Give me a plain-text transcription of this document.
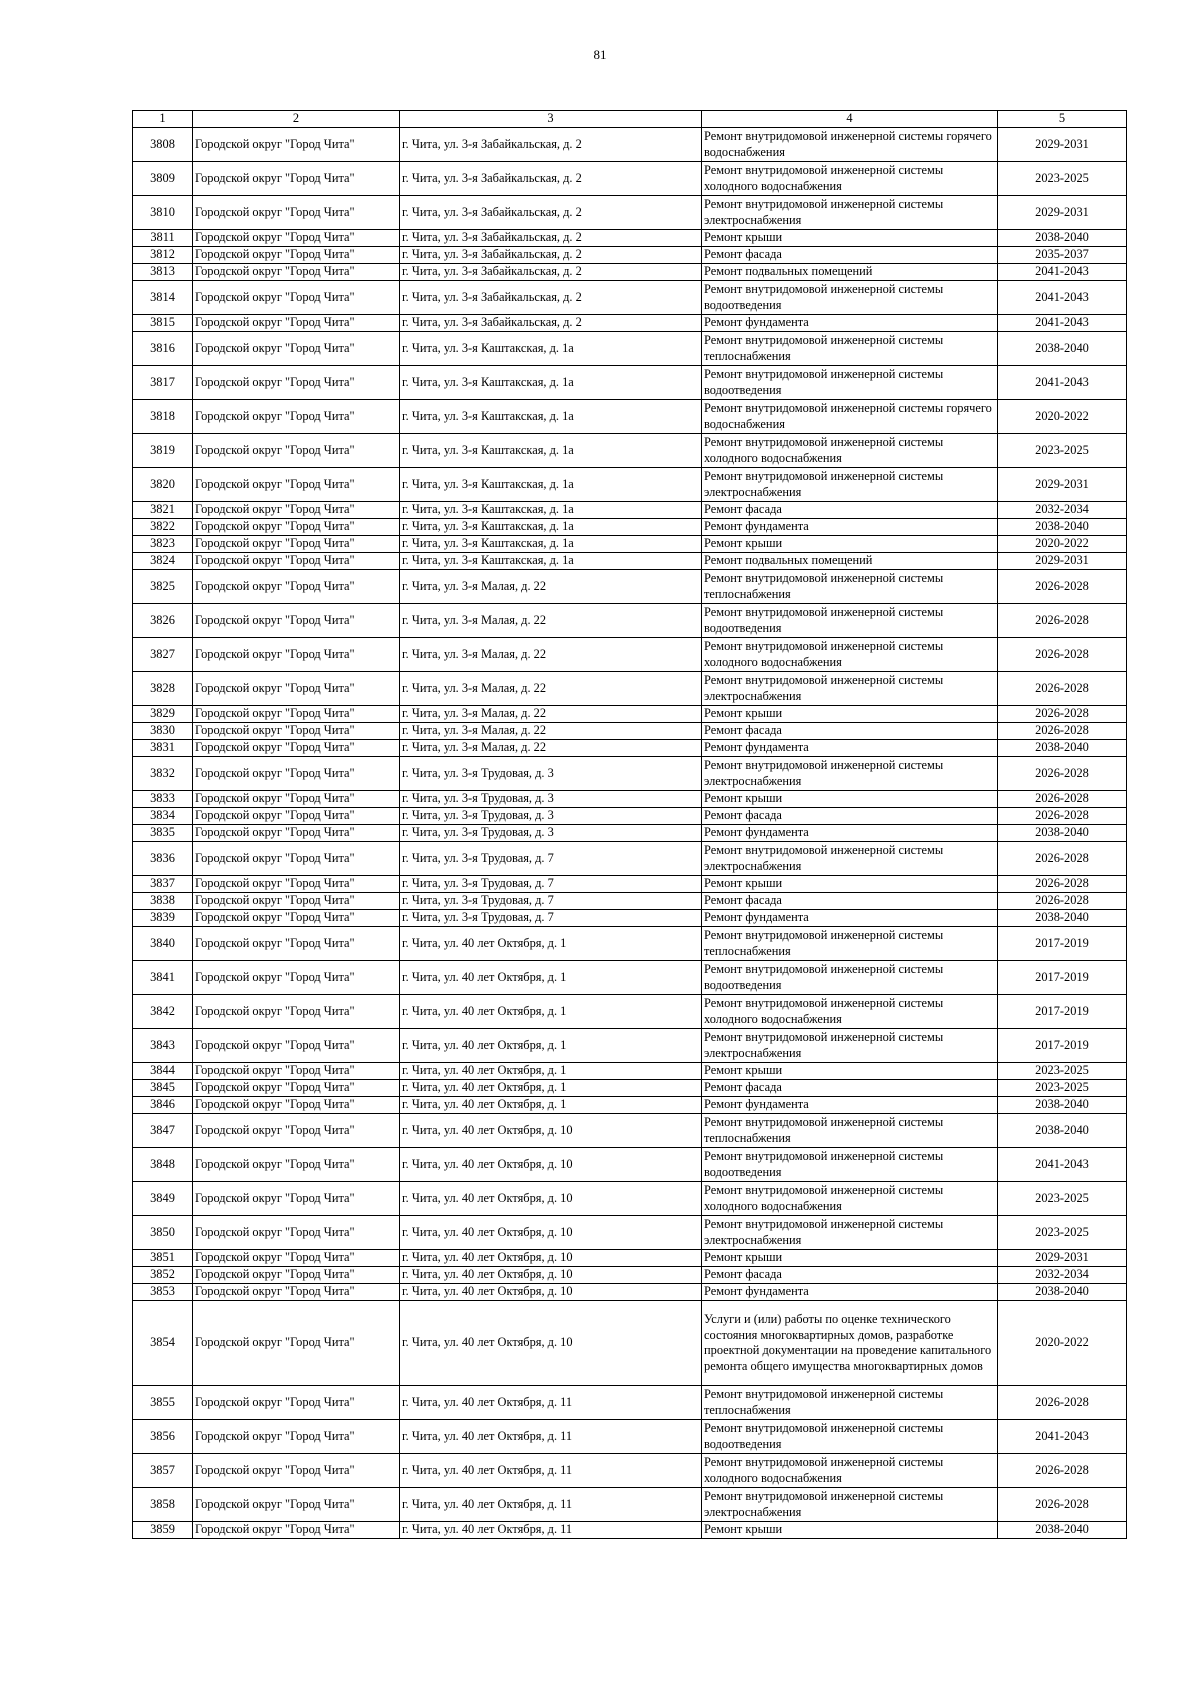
81
1	2	3	4	5
3808	Городской округ "Город Чита"	г. Чита, ул. 3-я Забайкальская, д. 2	Ремонт внутридомовой инженерной системы горячего водоснабжения	2029-2031
3809	Городской округ "Город Чита"	г. Чита, ул. 3-я Забайкальская, д. 2	Ремонт внутридомовой инженерной системы холодного водоснабжения	2023-2025
3810	Городской округ "Город Чита"	г. Чита, ул. 3-я Забайкальская, д. 2	Ремонт внутридомовой инженерной системы электроснабжения	2029-2031
3811	Городской округ "Город Чита"	г. Чита, ул. 3-я Забайкальская, д. 2	Ремонт крыши	2038-2040
3812	Городской округ "Город Чита"	г. Чита, ул. 3-я Забайкальская, д. 2	Ремонт фасада	2035-2037
3813	Городской округ "Город Чита"	г. Чита, ул. 3-я Забайкальская, д. 2	Ремонт подвальных помещений	2041-2043
3814	Городской округ "Город Чита"	г. Чита, ул. 3-я Забайкальская, д. 2	Ремонт внутридомовой инженерной системы водоотведения	2041-2043
3815	Городской округ "Город Чита"	г. Чита, ул. 3-я Забайкальская, д. 2	Ремонт фундамента	2041-2043
3816	Городской округ "Город Чита"	г. Чита, ул. 3-я Каштакская, д. 1а	Ремонт внутридомовой инженерной системы теплоснабжения	2038-2040
3817	Городской округ "Город Чита"	г. Чита, ул. 3-я Каштакская, д. 1а	Ремонт внутридомовой инженерной системы водоотведения	2041-2043
3818	Городской округ "Город Чита"	г. Чита, ул. 3-я Каштакская, д. 1а	Ремонт внутридомовой инженерной системы горячего водоснабжения	2020-2022
3819	Городской округ "Город Чита"	г. Чита, ул. 3-я Каштакская, д. 1а	Ремонт внутридомовой инженерной системы холодного водоснабжения	2023-2025
3820	Городской округ "Город Чита"	г. Чита, ул. 3-я Каштакская, д. 1а	Ремонт внутридомовой инженерной системы электроснабжения	2029-2031
3821	Городской округ "Город Чита"	г. Чита, ул. 3-я Каштакская, д. 1а	Ремонт фасада	2032-2034
3822	Городской округ "Город Чита"	г. Чита, ул. 3-я Каштакская, д. 1а	Ремонт фундамента	2038-2040
3823	Городской округ "Город Чита"	г. Чита, ул. 3-я Каштакская, д. 1а	Ремонт крыши	2020-2022
3824	Городской округ "Город Чита"	г. Чита, ул. 3-я Каштакская, д. 1а	Ремонт подвальных помещений	2029-2031
3825	Городской округ "Город Чита"	г. Чита, ул. 3-я Малая, д. 22	Ремонт внутридомовой инженерной системы теплоснабжения	2026-2028
3826	Городской округ "Город Чита"	г. Чита, ул. 3-я Малая, д. 22	Ремонт внутридомовой инженерной системы водоотведения	2026-2028
3827	Городской округ "Город Чита"	г. Чита, ул. 3-я Малая, д. 22	Ремонт внутридомовой инженерной системы холодного водоснабжения	2026-2028
3828	Городской округ "Город Чита"	г. Чита, ул. 3-я Малая, д. 22	Ремонт внутридомовой инженерной системы электроснабжения	2026-2028
3829	Городской округ "Город Чита"	г. Чита, ул. 3-я Малая, д. 22	Ремонт крыши	2026-2028
3830	Городской округ "Город Чита"	г. Чита, ул. 3-я Малая, д. 22	Ремонт фасада	2026-2028
3831	Городской округ "Город Чита"	г. Чита, ул. 3-я Малая, д. 22	Ремонт фундамента	2038-2040
3832	Городской округ "Город Чита"	г. Чита, ул. 3-я Трудовая, д. 3	Ремонт внутридомовой инженерной системы электроснабжения	2026-2028
3833	Городской округ "Город Чита"	г. Чита, ул. 3-я Трудовая, д. 3	Ремонт крыши	2026-2028
3834	Городской округ "Город Чита"	г. Чита, ул. 3-я Трудовая, д. 3	Ремонт фасада	2026-2028
3835	Городской округ "Город Чита"	г. Чита, ул. 3-я Трудовая, д. 3	Ремонт фундамента	2038-2040
3836	Городской округ "Город Чита"	г. Чита, ул. 3-я Трудовая, д. 7	Ремонт внутридомовой инженерной системы электроснабжения	2026-2028
3837	Городской округ "Город Чита"	г. Чита, ул. 3-я Трудовая, д. 7	Ремонт крыши	2026-2028
3838	Городской округ "Город Чита"	г. Чита, ул. 3-я Трудовая, д. 7	Ремонт фасада	2026-2028
3839	Городской округ "Город Чита"	г. Чита, ул. 3-я Трудовая, д. 7	Ремонт фундамента	2038-2040
3840	Городской округ "Город Чита"	г. Чита, ул. 40 лет Октября, д. 1	Ремонт внутридомовой инженерной системы теплоснабжения	2017-2019
3841	Городской округ "Город Чита"	г. Чита, ул. 40 лет Октября, д. 1	Ремонт внутридомовой инженерной системы водоотведения	2017-2019
3842	Городской округ "Город Чита"	г. Чита, ул. 40 лет Октября, д. 1	Ремонт внутридомовой инженерной системы холодного водоснабжения	2017-2019
3843	Городской округ "Город Чита"	г. Чита, ул. 40 лет Октября, д. 1	Ремонт внутридомовой инженерной системы электроснабжения	2017-2019
3844	Городской округ "Город Чита"	г. Чита, ул. 40 лет Октября, д. 1	Ремонт крыши	2023-2025
3845	Городской округ "Город Чита"	г. Чита, ул. 40 лет Октября, д. 1	Ремонт фасада	2023-2025
3846	Городской округ "Город Чита"	г. Чита, ул. 40 лет Октября, д. 1	Ремонт фундамента	2038-2040
3847	Городской округ "Город Чита"	г. Чита, ул. 40 лет Октября, д. 10	Ремонт внутридомовой инженерной системы теплоснабжения	2038-2040
3848	Городской округ "Город Чита"	г. Чита, ул. 40 лет Октября, д. 10	Ремонт внутридомовой инженерной системы водоотведения	2041-2043
3849	Городской округ "Город Чита"	г. Чита, ул. 40 лет Октября, д. 10	Ремонт внутридомовой инженерной системы холодного водоснабжения	2023-2025
3850	Городской округ "Город Чита"	г. Чита, ул. 40 лет Октября, д. 10	Ремонт внутридомовой инженерной системы электроснабжения	2023-2025
3851	Городской округ "Город Чита"	г. Чита, ул. 40 лет Октября, д. 10	Ремонт крыши	2029-2031
3852	Городской округ "Город Чита"	г. Чита, ул. 40 лет Октября, д. 10	Ремонт фасада	2032-2034
3853	Городской округ "Город Чита"	г. Чита, ул. 40 лет Октября, д. 10	Ремонт фундамента	2038-2040
3854	Городской округ "Город Чита"	г. Чита, ул. 40 лет Октября, д. 10	Услуги и (или) работы по оценке технического состояния многоквартирных домов, разработке проектной документации на проведение капитального ремонта общего имущества многоквартирных домов	2020-2022
3855	Городской округ "Город Чита"	г. Чита, ул. 40 лет Октября, д. 11	Ремонт внутридомовой инженерной системы теплоснабжения	2026-2028
3856	Городской округ "Город Чита"	г. Чита, ул. 40 лет Октября, д. 11	Ремонт внутридомовой инженерной системы водоотведения	2041-2043
3857	Городской округ "Город Чита"	г. Чита, ул. 40 лет Октября, д. 11	Ремонт внутридомовой инженерной системы холодного водоснабжения	2026-2028
3858	Городской округ "Город Чита"	г. Чита, ул. 40 лет Октября, д. 11	Ремонт внутридомовой инженерной системы электроснабжения	2026-2028
3859	Городской округ "Город Чита"	г. Чита, ул. 40 лет Октября, д. 11	Ремонт крыши	2038-2040
